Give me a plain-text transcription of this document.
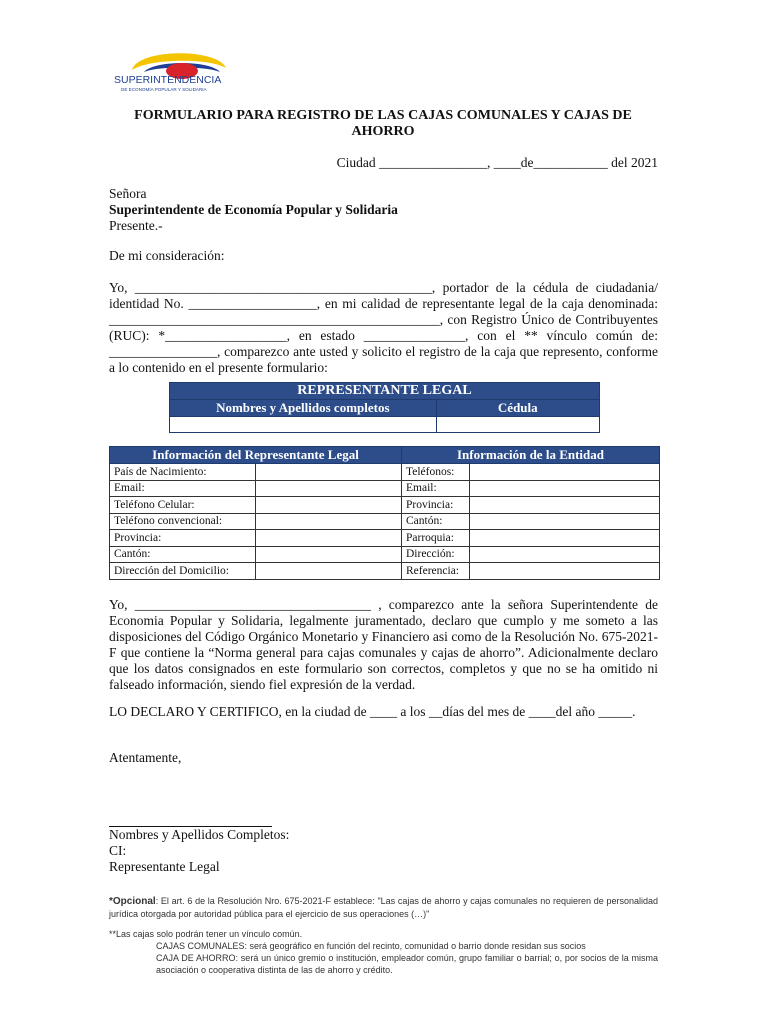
SUPERINTENDENCIA
DE ECONOMÍA POPULAR Y SOLIDARIA
FORMULARIO PARA REGISTRO DE LAS CAJAS COMUNALES Y CAJAS DE AHORRO
Ciudad ________________, ____de___________ del 2021
Señora
Superintendente de Economía Popular y Solidaria
Presente.-
De mi consideración:
Yo, ____________________________________________, portador de la cédula de ciudadania/ identidad No. ___________________, en mi calidad de representante legal de la caja denominada: _________________________________________________, con Registro Único de Contribuyentes (RUC): *__________________, en estado _______________, con el ** vínculo común de: ________________, comparezco ante usted y solicito el registro de la caja que represento, conforme a lo contenido en el presente formulario:
REPRESENTANTE LEGAL	
Nombres y Apellidos completos	Cédula

Información del Representante Legal		Información de la Entidad	
País de Nacimiento:		Teléfonos:	
Email:		Email:	
Teléfono Celular:		Provincia:	
Teléfono convencional:		Cantón:	
Provincia:		Parroquia:	
Cantón:		Dirección:	
Dirección del Domicilio:		Referencia:	
Yo, ___________________________________ , comparezco ante la señora Superintendente de Economia Popular y Solidaria, legalmente juramentado, declaro que cumplo y me someto a las disposiciones del Código Orgánico Monetario y Financiero asi como de la Resolución No. 675-2021-F que contiene la “Norma general para cajas comunales y cajas de ahorro”. Adicionalmente declaro que los datos consignados en este formulario son correctos, completos y que no se ha omitido ni falseado información, siendo fiel expresión de la verdad.
LO DECLARO Y CERTIFICO, en la ciudad de ____ a los __días del mes de ____del año _____.
Atentamente,
Nombres y Apellidos Completos:
CI:
Representante Legal
*Opcional: El art. 6 de la Resolución Nro. 675-2021-F establece: "Las cajas de ahorro y cajas comunales no requieren de personalidad jurídica otorgada por autoridad pública para el ejercicio de sus operaciones (…)"
**Las cajas solo podrán tener un vínculo común.
CAJAS COMUNALES: será geográfico en función del recinto, comunidad o barrio donde residan sus socios
CAJA DE AHORRO: será un único gremio o institución, empleador común, grupo familiar o barrial; o, por socios de la misma asociación o cooperativa distinta de las de ahorro y crédito.
